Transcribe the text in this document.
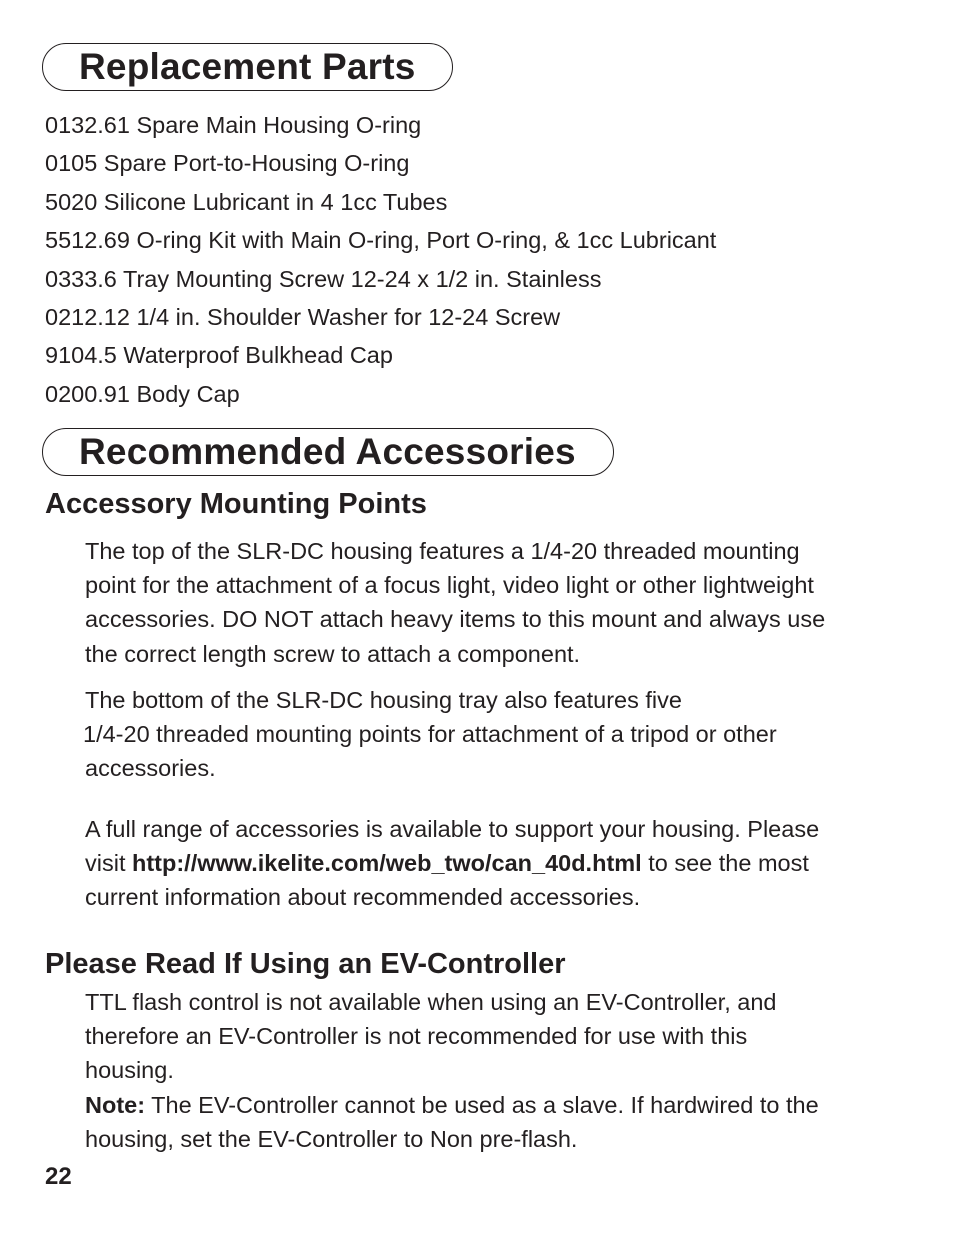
Replacement Parts
0132.61 Spare Main Housing O-ring
0105 Spare Port-to-Housing O-ring
5020 Silicone Lubricant in 4 1cc Tubes
5512.69 O-ring Kit with Main O-ring, Port O-ring, & 1cc Lubricant
0333.6 Tray Mounting Screw 12-24 x 1/2 in. Stainless
0212.12 1/4 in. Shoulder Washer for 12-24 Screw
9104.5 Waterproof Bulkhead Cap
0200.91 Body Cap
Recommended Accessories
Accessory Mounting Points

The top of the SLR-DC housing features a 1/4-20 threaded mounting
point for the attachment of a focus light, video light or other lightweight
accessories. DO NOT attach heavy items to this mount and always use
the correct length screw to attach a component.

The bottom of the SLR-DC housing tray also features five
1/4-20 threaded mounting points for attachment of a tripod or other
accessories.

A full range of accessories is available to support your housing. Please
visit http://www.ikelite.com/web_two/can_40d.html to see the most
current information about recommended accessories.

Please Read If Using an EV-Controller

TTL flash control is not available when using an EV-Controller, and
therefore an EV-Controller is not recommended for use with this
housing.
Note: The EV-Controller cannot be used as a slave. If hardwired to the
housing, set the EV-Controller to Non pre-flash.

22
